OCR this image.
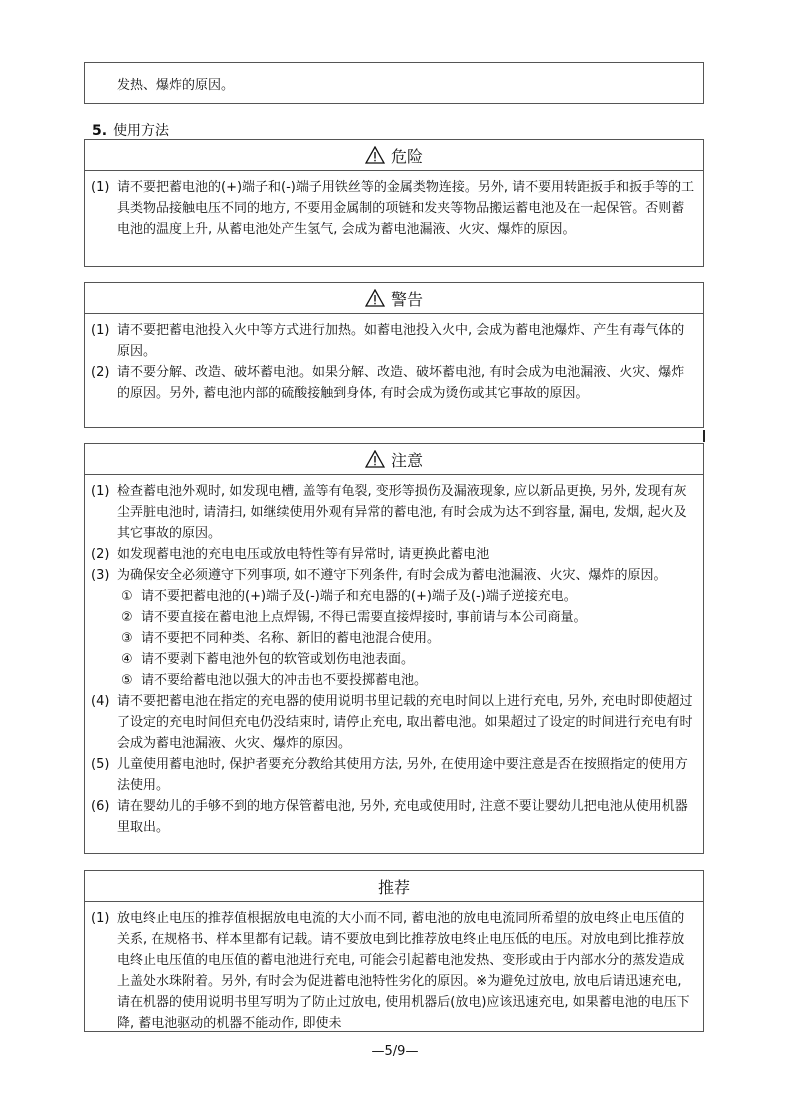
发热、爆炸的原因。
5. 使用方法
危险
(1) 请不要把蓄电池的(+)端子和(-)端子用铁丝等的金属类物连接。另外, 请不要用转距扳手和扳手等的工具类物品接触电压不同的地方, 不要用金属制的项链和发夹等物品搬运蓄电池及在一起保管。否则蓄电池的温度上升, 从蓄电池处产生氢气, 会成为蓄电池漏液、火灾、爆炸的原因。
警告
(1) 请不要把蓄电池投入火中等方式进行加热。如蓄电池投入火中, 会成为蓄电池爆炸、产生有毒气体的原因。
(2) 请不要分解、改造、破坏蓄电池。如果分解、改造、破坏蓄电池, 有时会成为电池漏液、火灾、爆炸的原因。另外, 蓄电池内部的硫酸接触到身体, 有时会成为烫伤或其它事故的原因。
注意
(1) 检查蓄电池外观时, 如发现电槽, 盖等有龟裂, 变形等损伤及漏液现象, 应以新品更换, 另外, 发现有灰尘弄脏电池时, 请清扫, 如继续使用外观有异常的蓄电池, 有时会成为达不到容量, 漏电, 发烟, 起火及其它事故的原因。
(2) 如发现蓄电池的充电电压或放电特性等有异常时, 请更换此蓄电池
(3) 为确保安全必须遵守下列事项, 如不遵守下列条件, 有时会成为蓄电池漏液、火灾、爆炸的原因。
① 请不要把蓄电池的(+)端子及(-)端子和充电器的(+)端子及(-)端子逆接充电。
② 请不要直接在蓄电池上点焊锡, 不得已需要直接焊接时, 事前请与本公司商量。
③ 请不要把不同种类、名称、新旧的蓄电池混合使用。
④ 请不要剥下蓄电池外包的软管或划伤电池表面。
⑤ 请不要给蓄电池以强大的冲击也不要投掷蓄电池。
(4) 请不要把蓄电池在指定的充电器的使用说明书里记载的充电时间以上进行充电, 另外, 充电时即使超过了设定的充电时间但充电仍没结束时, 请停止充电, 取出蓄电池。如果超过了设定的时间进行充电有时会成为蓄电池漏液、火灾、爆炸的原因。
(5) 儿童使用蓄电池时, 保护者要充分教给其使用方法, 另外, 在使用途中要注意是否在按照指定的使用方法使用。
(6) 请在婴幼儿的手够不到的地方保管蓄电池, 另外, 充电或使用时, 注意不要让婴幼儿把电池从使用机器里取出。
推荐
(1) 放电终止电压的推荐值根据放电电流的大小而不同, 蓄电池的放电电流同所希望的放电终止电压值的关系, 在规格书、样本里都有记载。请不要放电到比推荐放电终止电压低的电压。对放电到比推荐放电终止电压值的电压值的蓄电池进行充电, 可能会引起蓄电池发热、变形或由于内部水分的蒸发造成上盖处水珠附着。另外, 有时会为促进蓄电池特性劣化的原因。※为避免过放电, 放电后请迅速充电, 请在机器的使用说明书里写明为了防止过放电, 使用机器后(放电)应该迅速充电, 如果蓄电池的电压下降, 蓄电池驱动的机器不能动作, 即使未
—5/9—
